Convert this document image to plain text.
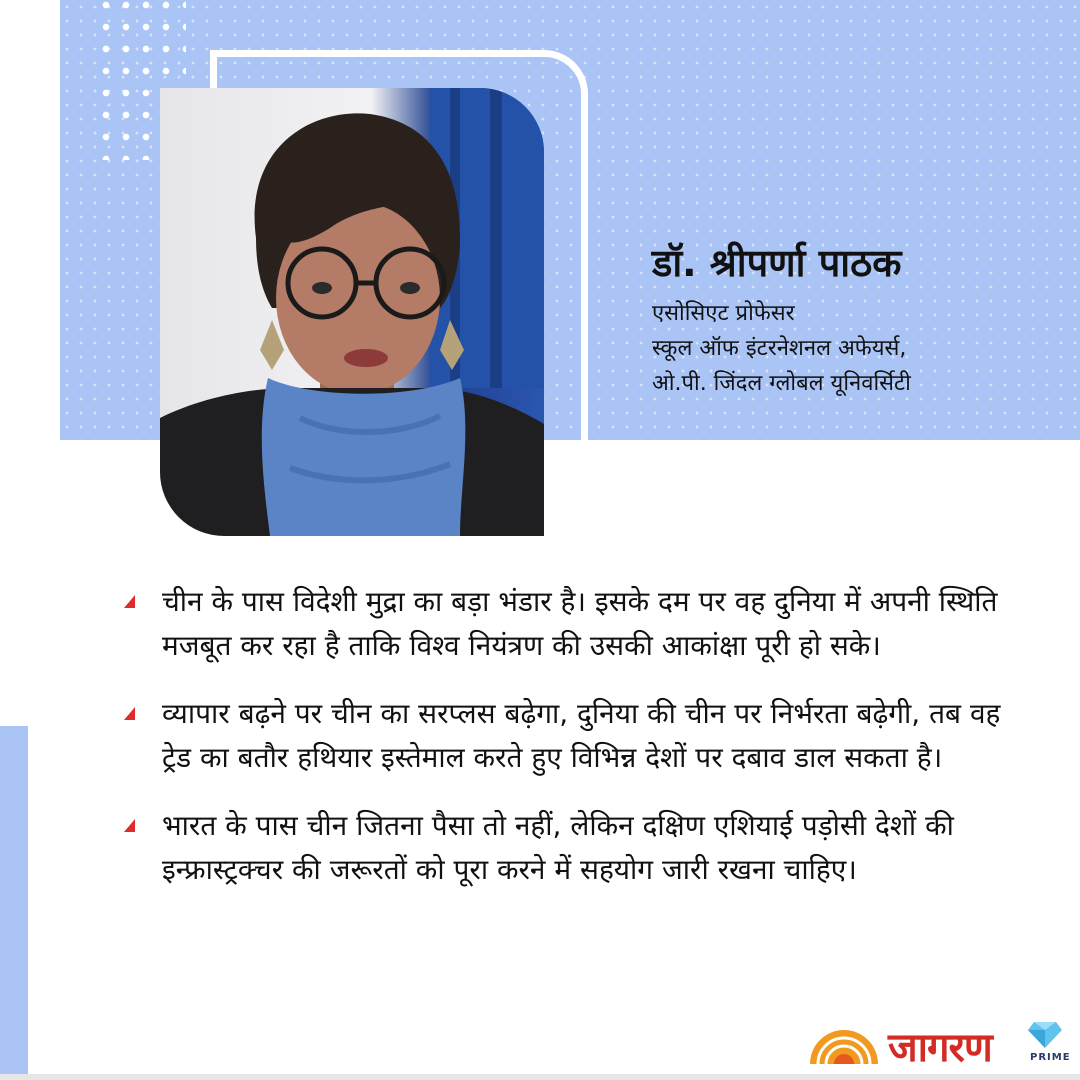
डॉ. श्रीपर्णा पाठक
एसोसिएट प्रोफेसर
स्कूल ऑफ इंटरनेशनल अफेयर्स,
ओ.पी. जिंदल ग्लोबल यूनिवर्सिटी
चीन के पास विदेशी मुद्रा का बड़ा भंडार है। इसके दम पर वह दुनिया में अपनी स्थिति मजबूत कर रहा है ताकि विश्व नियंत्रण की उसकी आकांक्षा पूरी हो सके।
व्यापार बढ़ने पर चीन का सरप्लस बढ़ेगा, दुनिया की चीन पर निर्भरता बढ़ेगी, तब वह ट्रेड का बतौर हथियार इस्तेमाल करते हुए विभिन्न देशों पर दबाव डाल सकता है।
भारत के पास चीन जितना पैसा तो नहीं, लेकिन दक्षिण एशियाई पड़ोसी देशों की इन्फ्रास्ट्रक्चर की जरूरतों को पूरा करने में सहयोग जारी रखना चाहिए।
जागरण	PRIME
